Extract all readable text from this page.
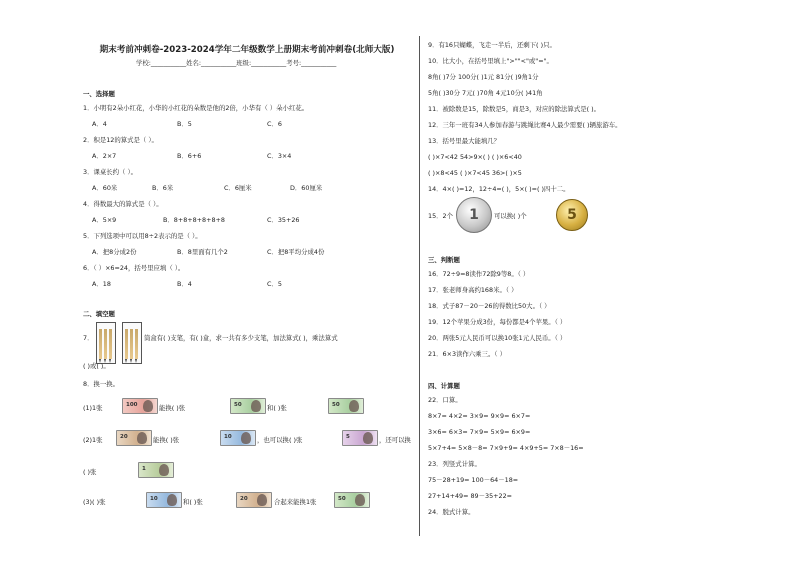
期末考前冲刺卷-2023-2024学年二年级数学上册期末考前冲刺卷(北师大版)
学校:___________姓名:___________班级:___________考号:___________
一、选择题
1．小明有2朵小红花，小华的小红花的朵数是他的2倍，小华有（ ）朵小红花。
A．4	B．5	C．6
2．积是12的算式是（ ）。
A．2×7	B．6+6	C．3×4
3．课桌长约（ ）。
A．60米	B．6米	C．6厘米	D．60厘米
4．得数最大的算式是（ ）。
A．5×9	B．8+8+8+8+8+8	C．35+26
5．下列选项中可以用8÷2表示的是（ ）。
A．把8分成2份	B．8里面有几个2	C．把8平均分成4份
6．（ ）×6=24，括号里应填（ ）。
A．18	B．4	C．5
二、填空题
7．	筒盒有( )支笔，有( )盒，求一共有多少支笔，加法算式( )，乘法算式
( )或( )。
8．换一换。
(1)1张	100	能换( )张	50	和( )张	50
(2)1张	20	能换( )张	10	，也可以换( )张	5	，还可以换
( )张	1
(3)( )张	10	和( )张	20	合起来能换1张	50
9．有16只蝴蝶，飞走一半后，还剩下( )只。
10．比大小，在括号里填上">""<"或"="。
8角( )7分 100分( )1元 81分( )9角1分
5角( )30分 7元( )70角 4元10分( )41角
11．被除数是15，除数是5，商是3，对应的除法算式是( )。
12．三年一班有34人参加春游与跳绳比赛4人最少需要( )辆旅游车。
13．括号里最大能填几？
( )×7<42 54>9×( ) ( )×6<40
( )×8<45 ( )×7<45 36>( )×5
14．4×( )=12，12÷4=( )，5×( )=( )四十二。
15．2个	1	可以换( )个	5
三、判断题
16．72÷9=8读作72除9等8。（ ）
17．张老师身高约168米。（ ）
18．式子87－20－26的得数比50大。（ ）
19．12个苹果分成3份，每份都是4个苹果。（ ）
20．两张5元人民币可以换10张1元人民币。（ ）
21．6×3读作六乘三。（ ）
四、计算题
22．口算。
8×7= 4×2= 3×9= 9×9= 6×7=
3×6= 6×3= 7×9= 5×9= 6×9=
5×7+4= 5×8－8= 7×9+9= 4×9+5= 7×8－16=
23．列竖式计算。
75－28+19= 100－64－18=
27+14+49= 89－35+22=
24．脱式计算。
